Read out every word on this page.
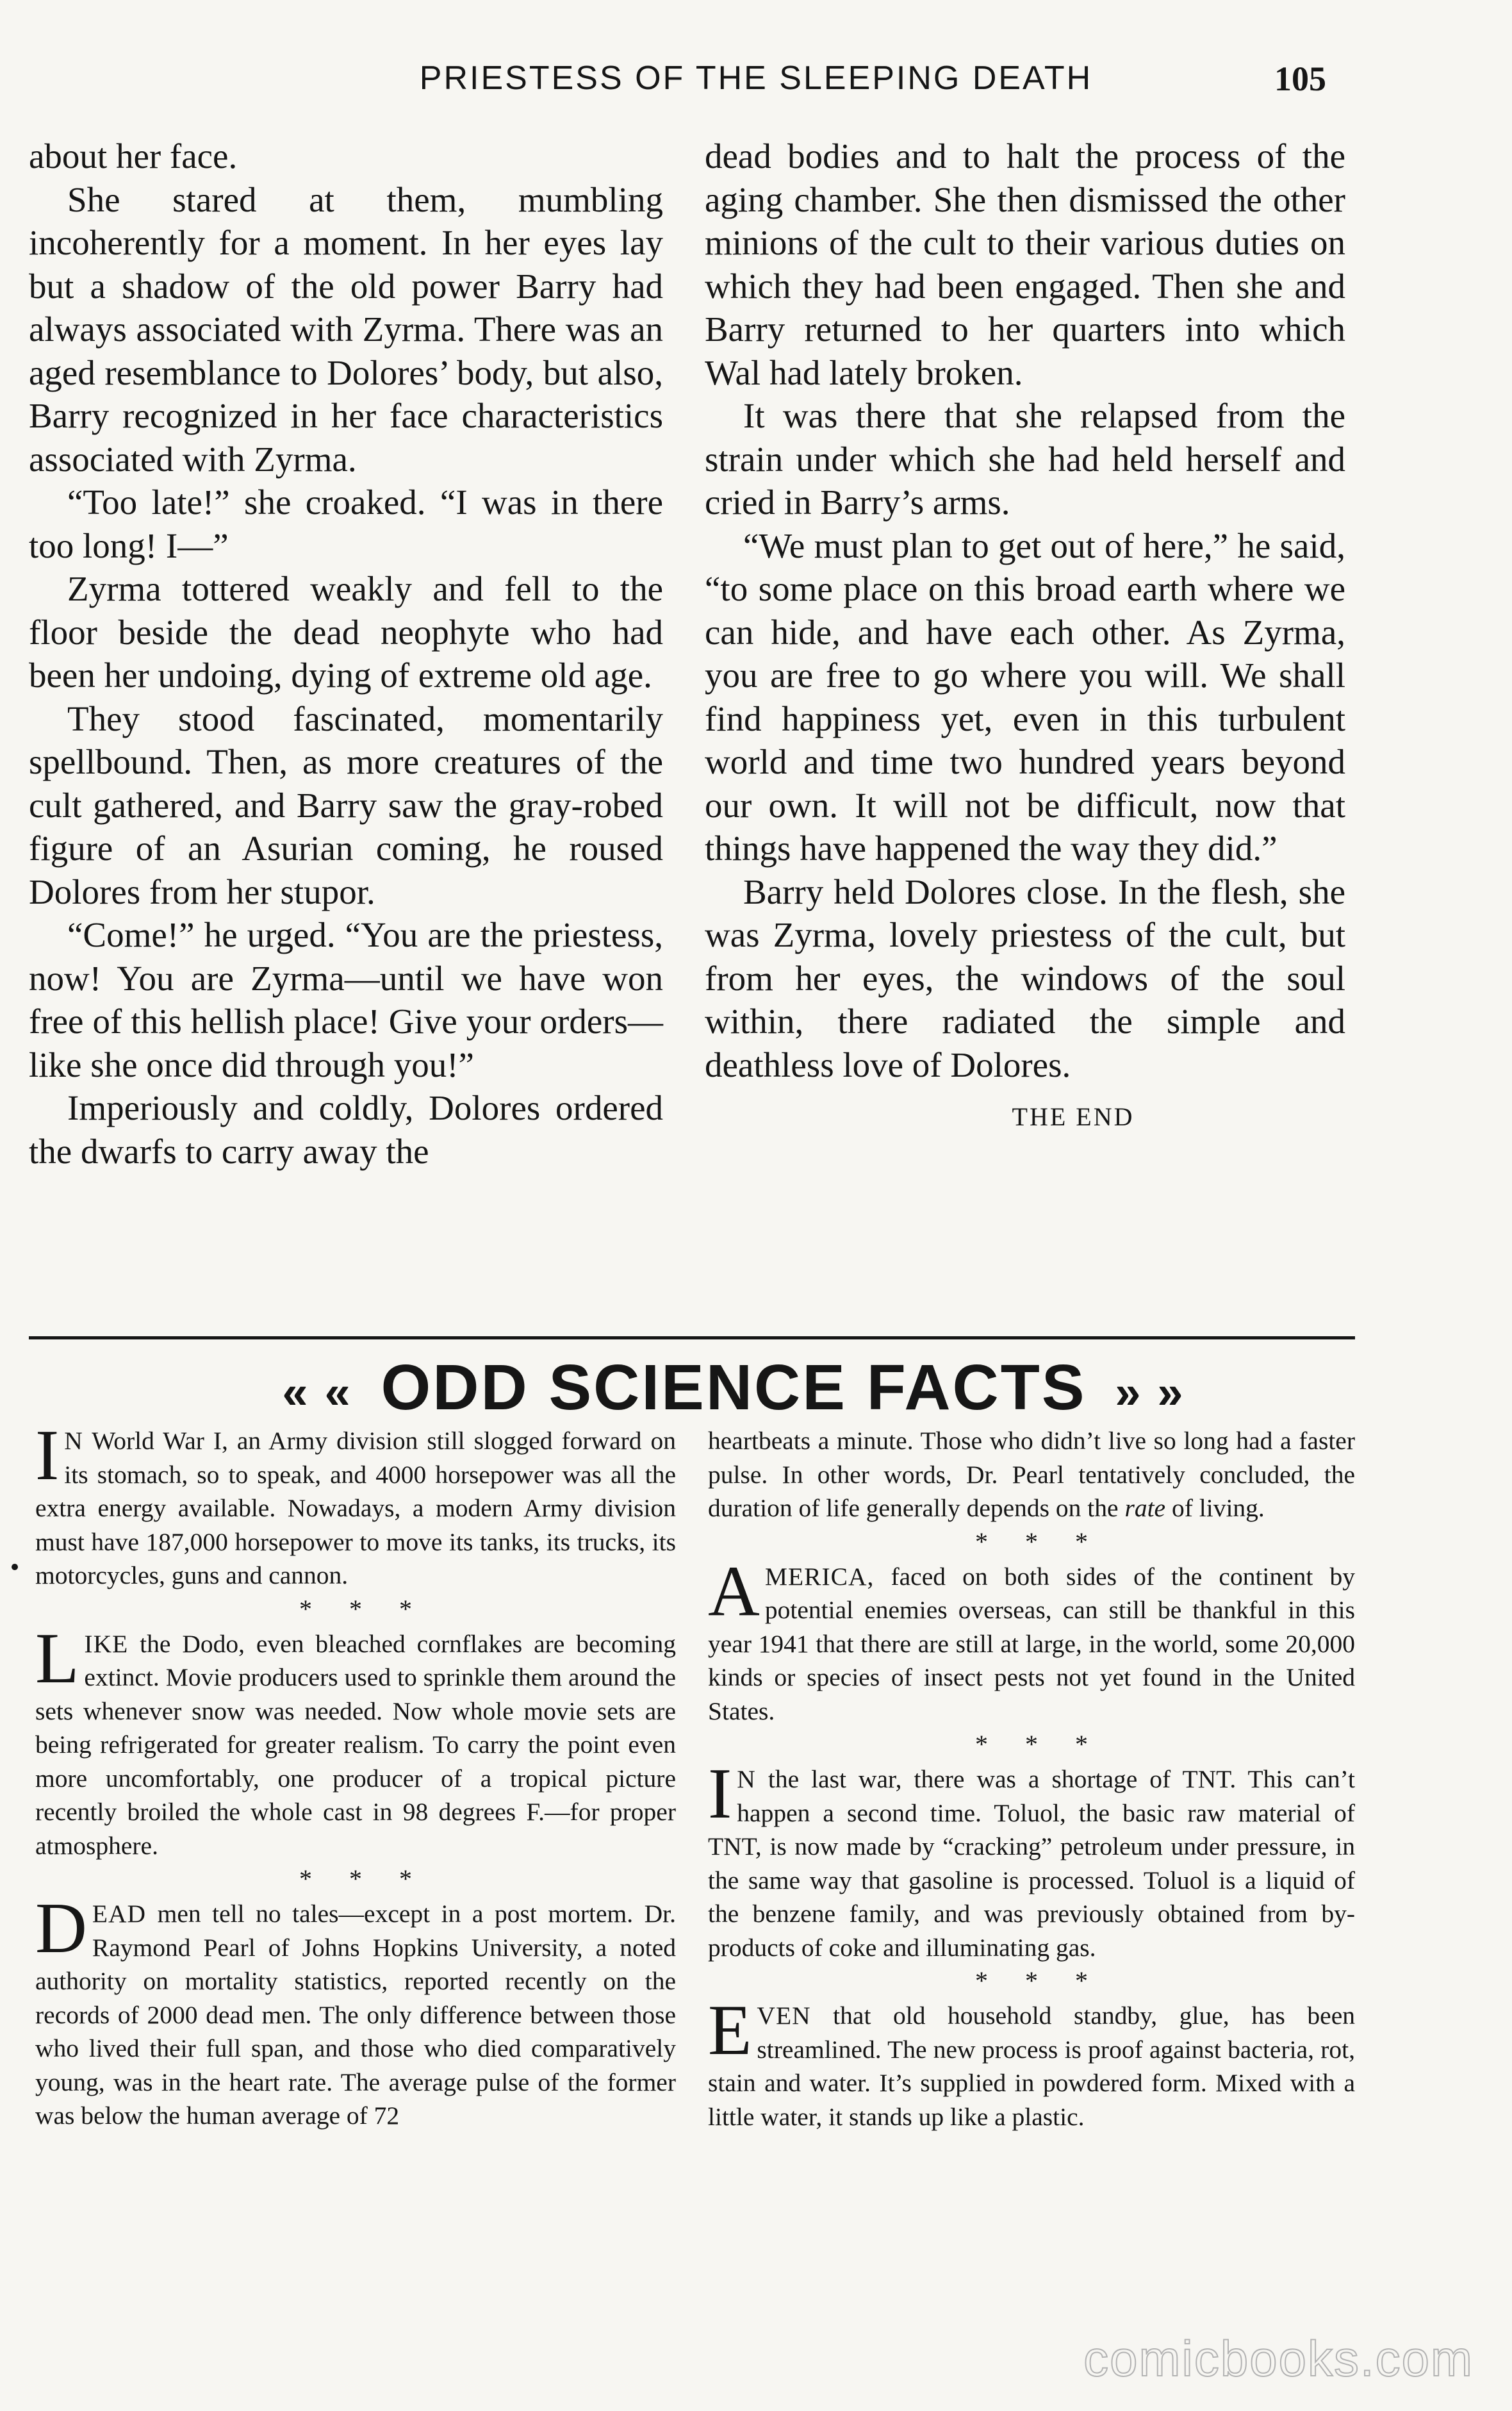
PRIESTESS OF THE SLEEPING DEATH	105

about her face.

She stared at them, mumbling incoherently for a moment. In her eyes lay but a shadow of the old power Barry had always associated with Zyrma. There was an aged resemblance to Dolores’ body, but also, Barry recognized in her face characteristics associated with Zyrma.

“Too late!” she croaked. “I was in there too long! I—”

Zyrma tottered weakly and fell to the floor beside the dead neophyte who had been her undoing, dying of extreme old age.

They stood fascinated, momentarily spellbound. Then, as more creatures of the cult gathered, and Barry saw the gray-robed figure of an Asurian coming, he roused Dolores from her stupor.

“Come!” he urged. “You are the priestess, now! You are Zyrma—until we have won free of this hellish place! Give your orders—like she once did through you!”

Imperiously and coldly, Dolores ordered the dwarfs to carry away the

dead bodies and to halt the process of the aging chamber. She then dismissed the other minions of the cult to their various duties on which they had been engaged. Then she and Barry returned to her quarters into which Wal had lately broken.

It was there that she relapsed from the strain under which she had held herself and cried in Barry’s arms.

“We must plan to get out of here,” he said, “to some place on this broad earth where we can hide, and have each other. As Zyrma, you are free to go where you will. We shall find happiness yet, even in this turbulent world and time two hundred years beyond our own. It will not be difficult, now that things have happened the way they did.”

Barry held Dolores close. In the flesh, she was Zyrma, lovely priestess of the cult, but from her eyes, the windows of the soul within, there radiated the simple and deathless love of Dolores.

THE END
« « ODD SCIENCE FACTS » »

I N World War I, an Army division still slogged forward on its stomach, so to speak, and 4000 horsepower was all the extra energy available. Nowadays, a modern Army division must have 187,000 horsepower to move its tanks, its trucks, its motorcycles, guns and cannon.

* * *

LIKE the Dodo, even bleached cornflakes are becoming extinct. Movie producers used to sprinkle them around the sets whenever snow was needed. Now whole movie sets are being refrigerated for greater realism. To carry the point even more uncomfortably, one producer of a tropical picture recently broiled the whole cast in 98 degrees F.—for proper atmosphere.

* * *

DEAD men tell no tales—except in a post mortem. Dr. Raymond Pearl of Johns Hopkins University, a noted authority on mortality statistics, reported recently on the records of 2000 dead men. The only difference between those who lived their full span, and those who died comparatively young, was in the heart rate. The average pulse of the former was below the human average of 72

heartbeats a minute. Those who didn’t live so long had a faster pulse. In other words, Dr. Pearl tentatively concluded, the duration of life generally depends on the rate of living.

* * *

AMERICA, faced on both sides of the continent by potential enemies overseas, can still be thankful in this year 1941 that there are still at large, in the world, some 20,000 kinds or species of insect pests not yet found in the United States.

* * *

I N the last war, there was a shortage of TNT. This can’t happen a second time. Toluol, the basic raw material of TNT, is now made by “cracking” petroleum under pressure, in the same way that gasoline is processed. Toluol is a liquid of the benzene family, and was previously obtained from by-products of coke and illuminating gas.

* * *

EVEN that old household standby, glue, has been streamlined. The new process is proof against bacteria, rot, stain and water. It’s supplied in powdered form. Mixed with a little water, it stands up like a plastic.

comicbooks.com
